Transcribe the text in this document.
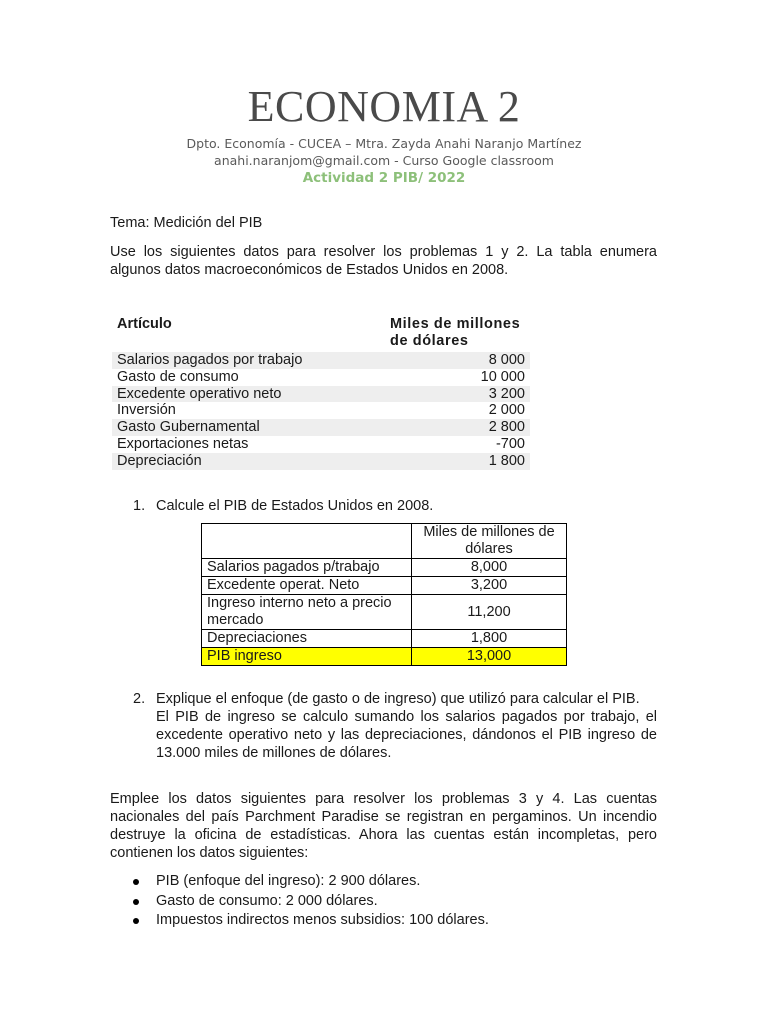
ECONOMIA 2
Dpto. Economía - CUCEA – Mtra. Zayda Anahi Naranjo Martínez
anahi.naranjom@gmail.com - Curso Google classroom
Actividad 2 PIB/ 2022

Tema: Medición del PIB

Use los siguientes datos para resolver los problemas 1 y 2. La tabla enumera algunos datos macroeconómicos de Estados Unidos en 2008.

Artículo	Miles de millones de dólares
Salarios pagados por trabajo	8 000
Gasto de consumo	10 000
Excedente operativo neto	3 200
Inversión	2 000
Gasto Gubernamental	2 800
Exportaciones netas	-700
Depreciación	1 800
1. Calcule el PIB de Estados Unidos en 2008.
	Miles de millones de dólares
Salarios pagados p/trabajo	8,000
Excedente operat. Neto	3,200
Ingreso interno neto a precio mercado	11,200
Depreciaciones	1,800
PIB ingreso	13,000
2. Explique el enfoque (de gasto o de ingreso) que utilizó para calcular el PIB.
El PIB de ingreso se calculo sumando los salarios pagados por trabajo, el excedente operativo neto y las depreciaciones, dándonos el PIB ingreso de 13.000 miles de millones de dólares.

Emplee los datos siguientes para resolver los problemas 3 y 4. Las cuentas nacionales del país Parchment Paradise se registran en pergaminos. Un incendio destruye la oficina de estadísticas. Ahora las cuentas están incompletas, pero contienen los datos siguientes:

PIB (enfoque del ingreso): 2 900 dólares.
Gasto de consumo: 2 000 dólares.
Impuestos indirectos menos subsidios: 100 dólares.
